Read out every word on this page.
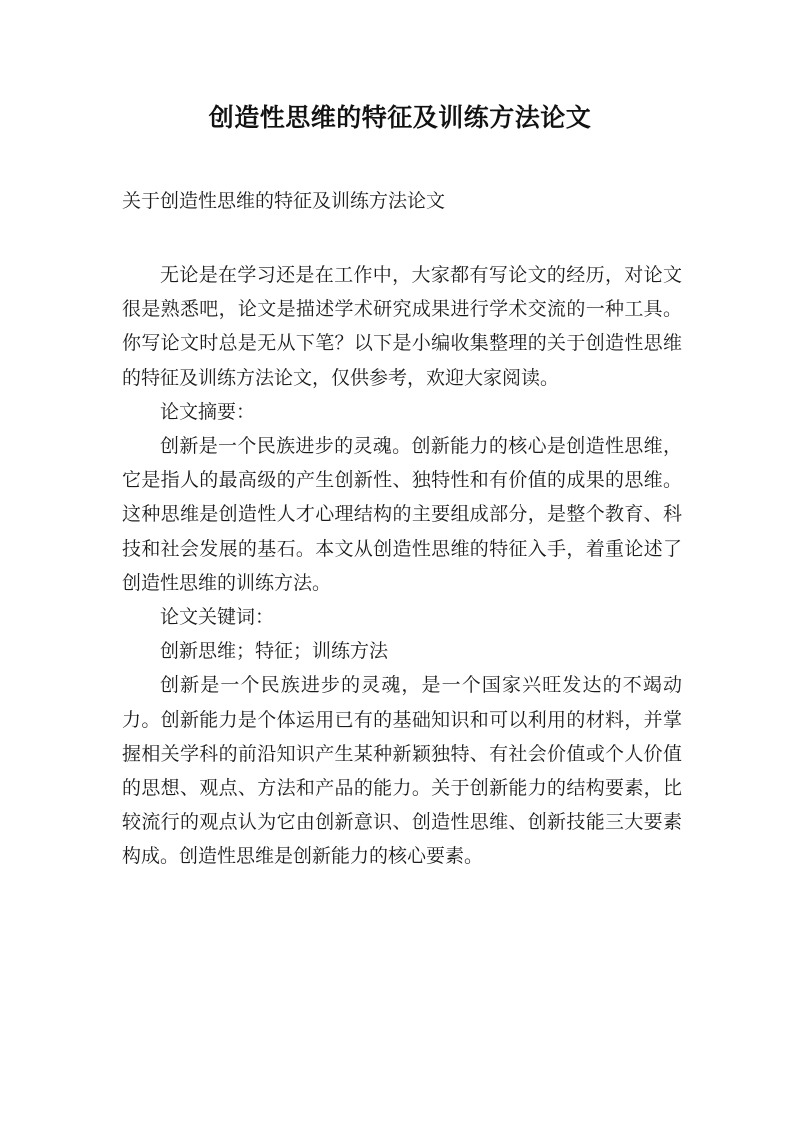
创造性思维的特征及训练方法论文

关于创造性思维的特征及训练方法论文

无论是在学习还是在工作中，大家都有写论文的经历，对论文很是熟悉吧，论文是描述学术研究成果进行学术交流的一种工具。你写论文时总是无从下笔？以下是小编收集整理的关于创造性思维的特征及训练方法论文，仅供参考，欢迎大家阅读。

论文摘要：

创新是一个民族进步的灵魂。创新能力的核心是创造性思维，它是指人的最高级的产生创新性、独特性和有价值的成果的思维。这种思维是创造性人才心理结构的主要组成部分，是整个教育、科技和社会发展的基石。本文从创造性思维的特征入手，着重论述了创造性思维的训练方法。

论文关键词：

创新思维；特征；训练方法

创新是一个民族进步的灵魂，是一个国家兴旺发达的不竭动力。创新能力是个体运用已有的基础知识和可以利用的材料，并掌握相关学科的前沿知识产生某种新颖独特、有社会价值或个人价值的思想、观点、方法和产品的能力。关于创新能力的结构要素，比较流行的观点认为它由创新意识、创造性思维、创新技能三大要素构成。创造性思维是创新能力的核心要素。
